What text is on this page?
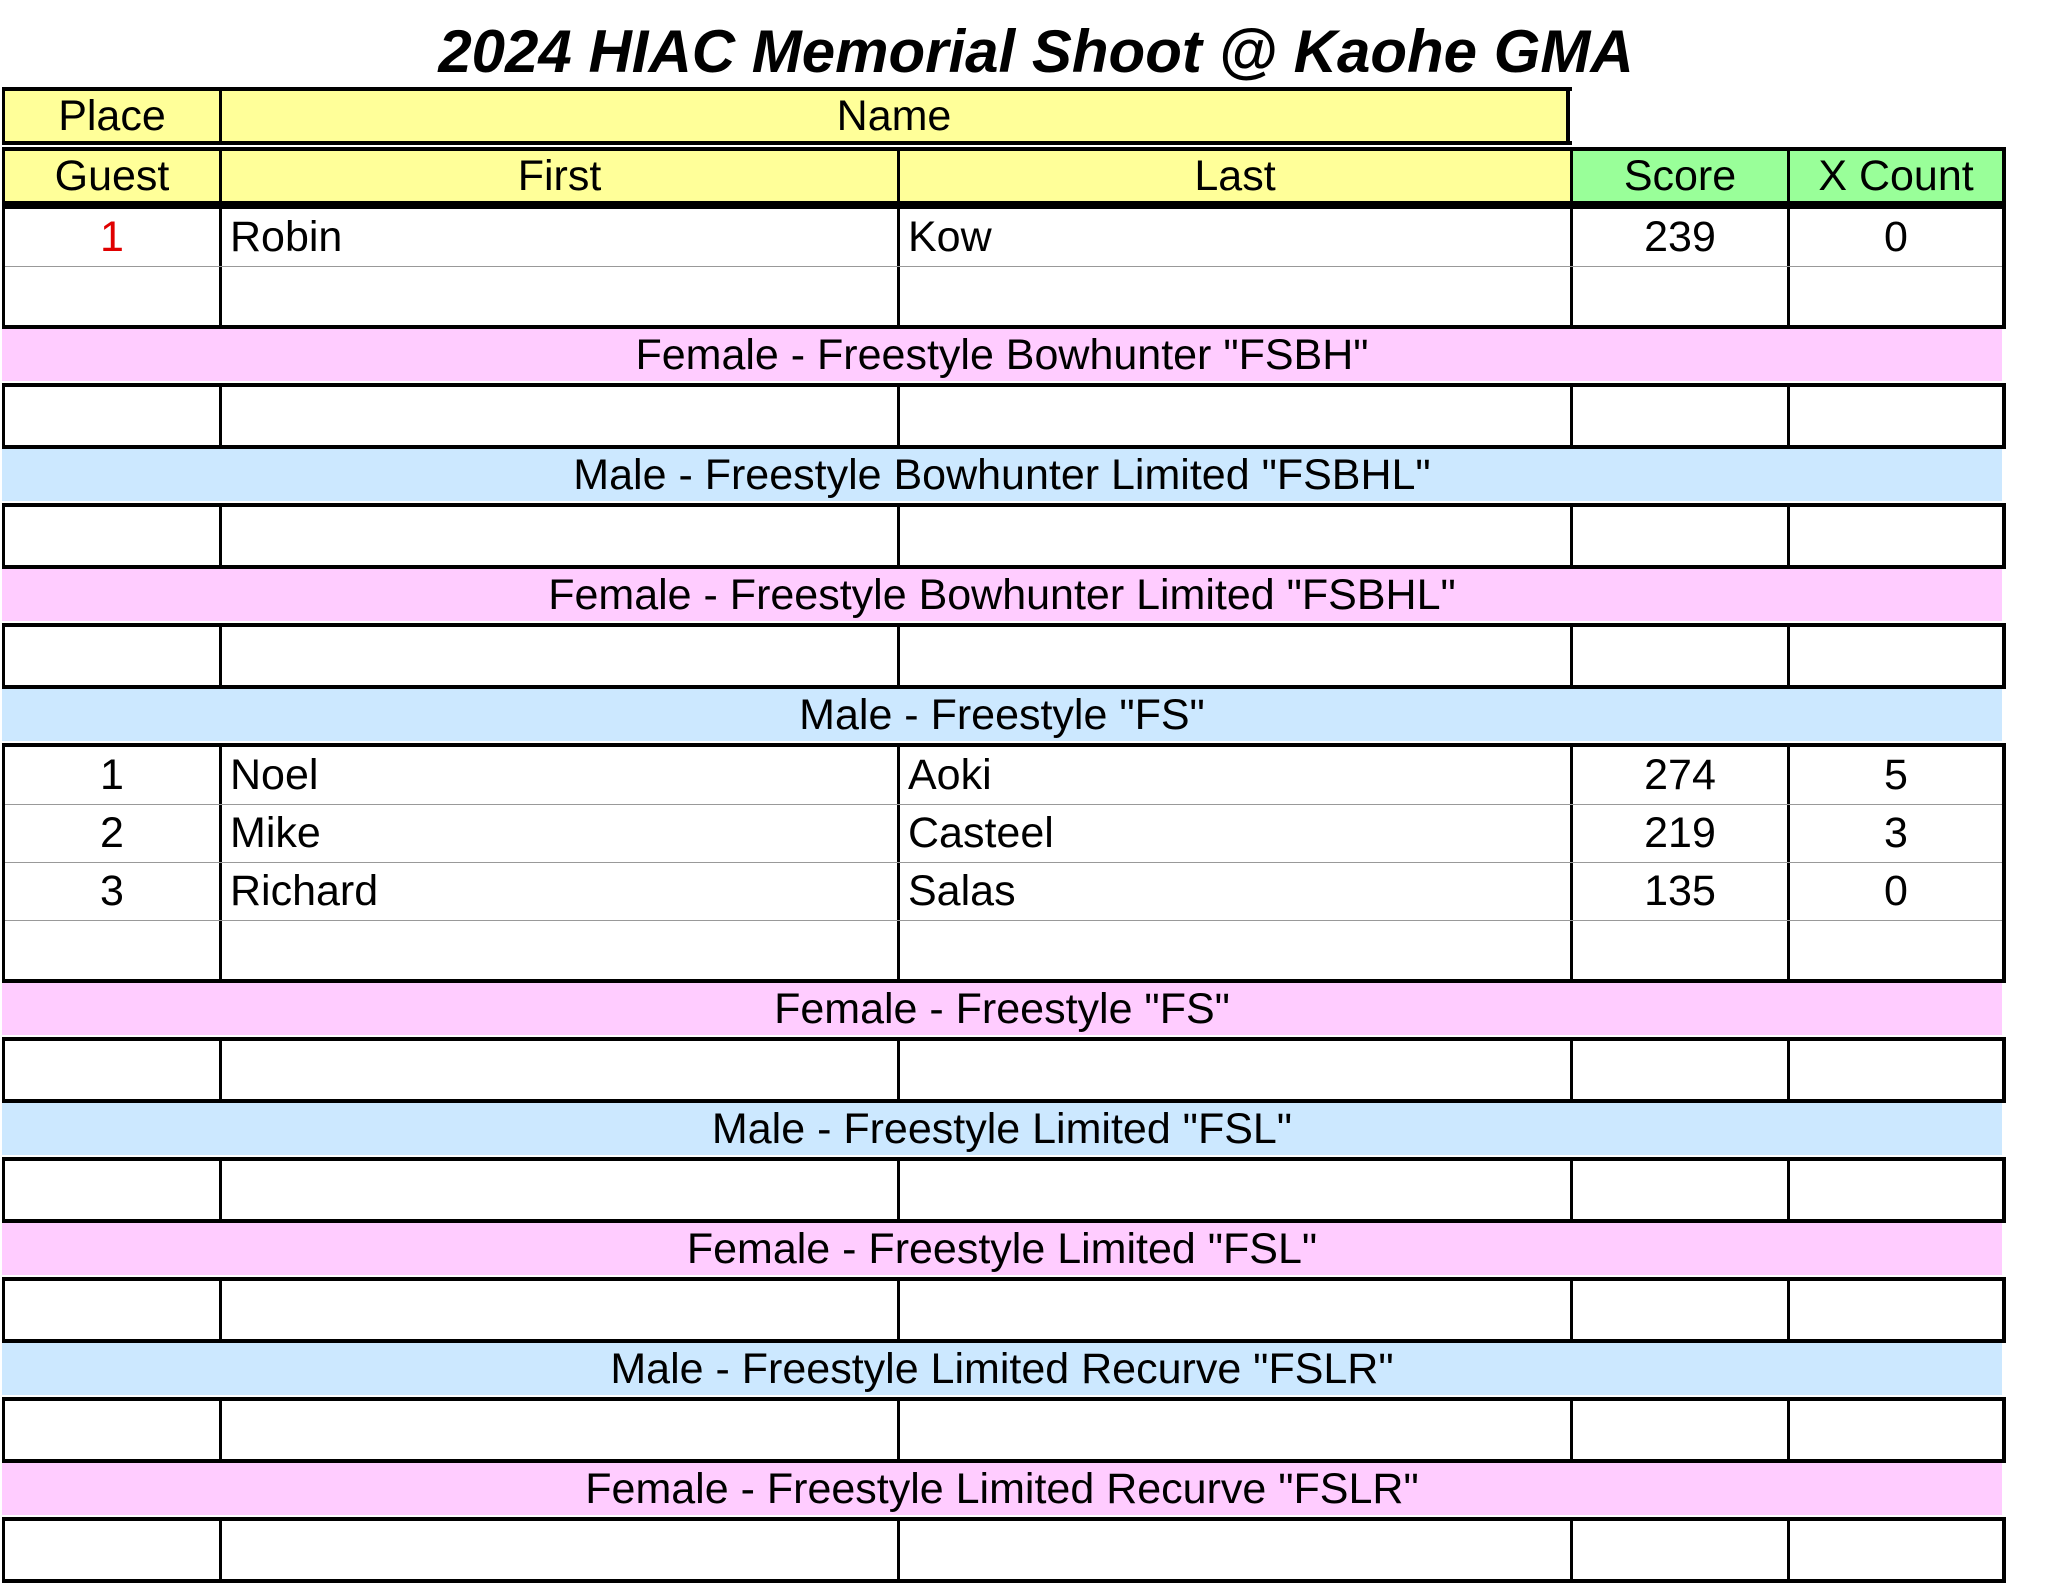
2024 HIAC Memorial Shoot @ Kaohe GMA
Place	Name
Guest	First	Last	Score	X Count
1	Robin	Kow	239	0
Female - Freestyle Bowhunter "FSBH"
Male - Freestyle Bowhunter Limited "FSBHL"
Female - Freestyle Bowhunter Limited "FSBHL"
Male - Freestyle "FS"
1	Noel	Aoki	274	5
2	Mike	Casteel	219	3
3	Richard	Salas	135	0
Female - Freestyle "FS"
Male - Freestyle Limited "FSL"
Female - Freestyle Limited "FSL"
Male - Freestyle Limited Recurve "FSLR"
Female - Freestyle Limited Recurve "FSLR"
